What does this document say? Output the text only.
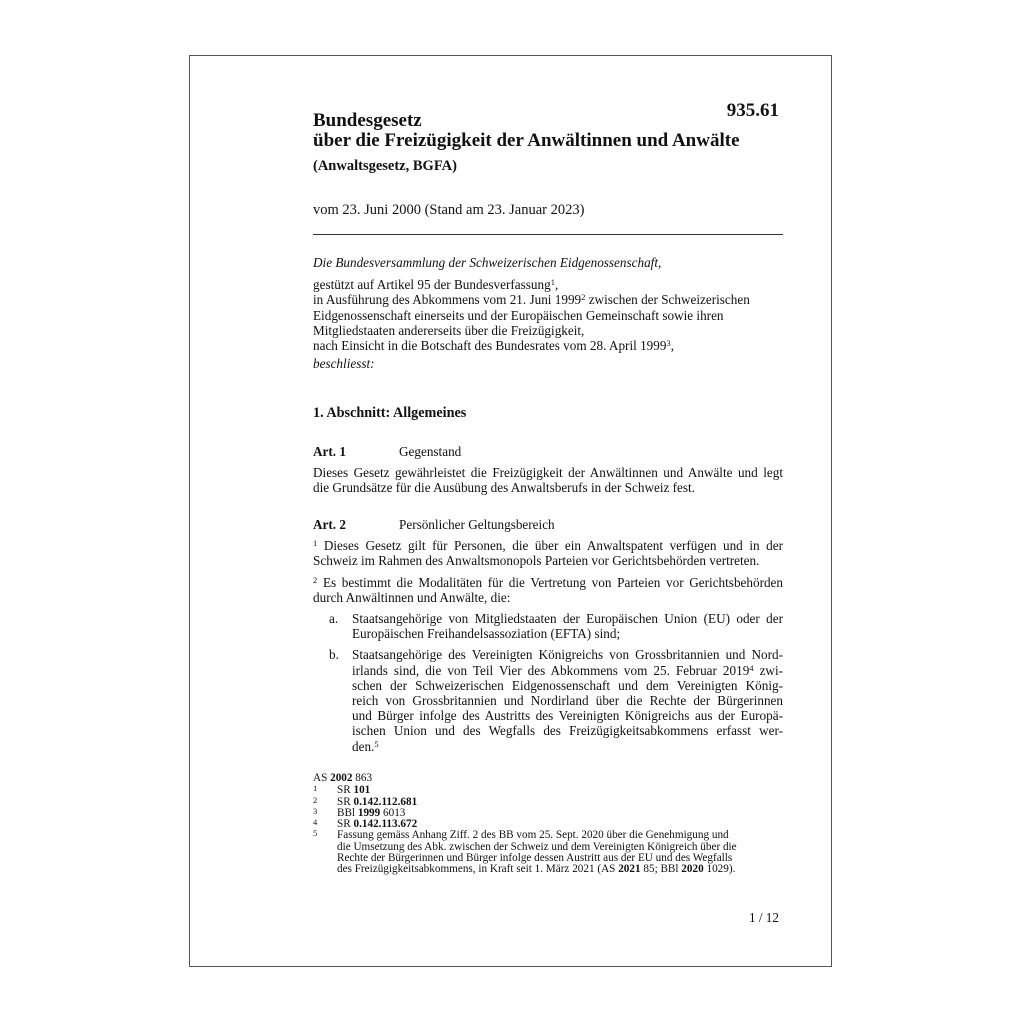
935.61
Bundesgesetz
über die Freizügigkeit der Anwältinnen und Anwälte
(Anwaltsgesetz, BGFA)
vom 23. Juni 2000 (Stand am 23. Januar 2023)
Die Bundesversammlung der Schweizerischen Eidgenossenschaft,
gestützt auf Artikel 95 der Bundesverfassung$^1$,
in Ausführung des Abkommens vom 21. Juni 1999$^2$ zwischen der Schweizerischen
Eidgenossenschaft einerseits und der Europäischen Gemeinschaft sowie ihren
Mitgliedstaaten andererseits über die Freizügigkeit,
nach Einsicht in die Botschaft des Bundesrates vom 28. April 1999$^3$,
beschliesst:
1. Abschnitt: Allgemeines
Art. 1	Gegenstand
Dieses Gesetz gewährleistet die Freizügigkeit der Anwältinnen und Anwälte und legt
die Grundsätze für die Ausübung des Anwaltsberufs in der Schweiz fest.
Art. 2	Persönlicher Geltungsbereich
$^1$ Dieses Gesetz gilt für Personen, die über ein Anwaltspatent verfügen und in der
Schweiz im Rahmen des Anwaltsmonopols Parteien vor Gerichtsbehörden vertreten.
$^2$ Es bestimmt die Modalitäten für die Vertretung von Parteien vor Gerichtsbehörden
durch Anwältinnen und Anwälte, die:
a. Staatsangehörige von Mitgliedstaaten der Europäischen Union (EU) oder der
Europäischen Freihandelsassoziation (EFTA) sind;
b. Staatsangehörige des Vereinigten Königreichs von Grossbritannien und Nord-
irlands sind, die von Teil Vier des Abkommens vom 25. Februar 2019$^4$ zwi-
schen der Schweizerischen Eidgenossenschaft und dem Vereinigten König-
reich von Grossbritannien und Nordirland über die Rechte der Bürgerinnen
und Bürger infolge des Austritts des Vereinigten Königreichs aus der Europä-
ischen Union und des Wegfalls des Freizügigkeitsabkommens erfasst wer-
den.$^5$
AS 2002 863
1 SR 101
2 SR 0.142.112.681
3 BBl 1999 6013
4 SR 0.142.113.672
5 Fassung gemäss Anhang Ziff. 2 des BB vom 25. Sept. 2020 über die Genehmigung und
die Umsetzung des Abk. zwischen der Schweiz und dem Vereinigten Königreich über die
Rechte der Bürgerinnen und Bürger infolge dessen Austritt aus der EU und des Wegfalls
des Freizügigkeitsabkommens, in Kraft seit 1. März 2021 (AS 2021 85; BBl 2020 1029).
1 / 12
